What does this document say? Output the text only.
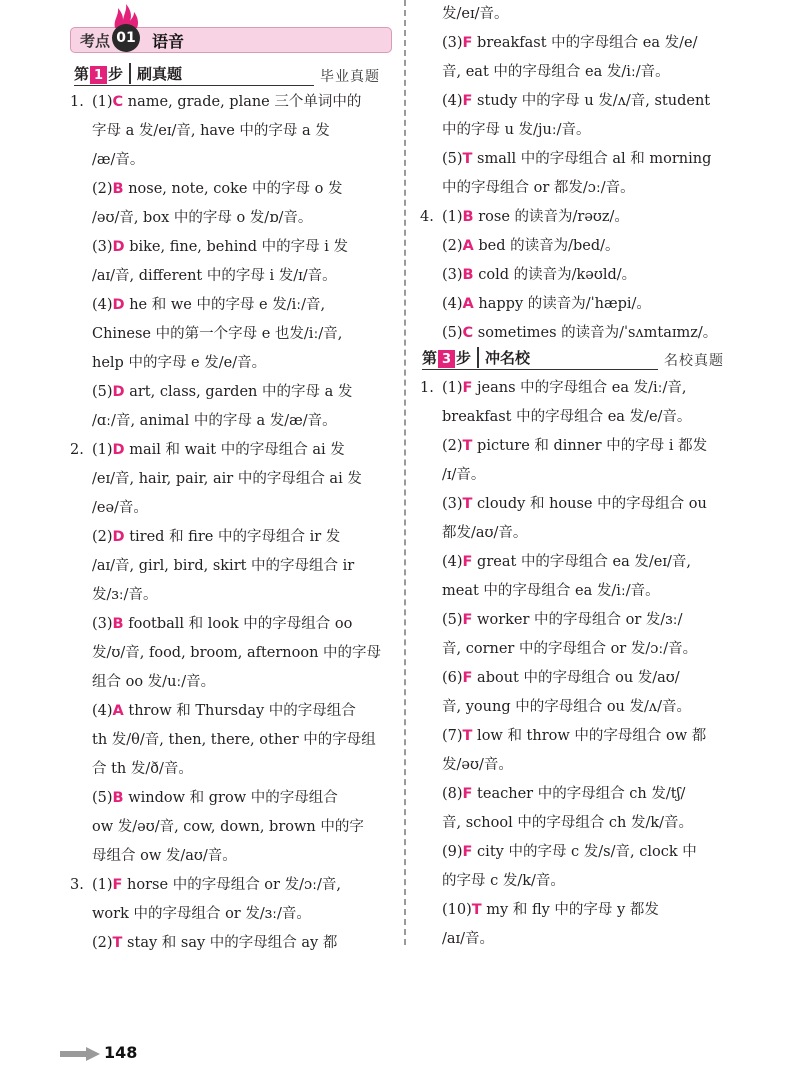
考点 01 语音
第 1 步 刷真题	毕业真题
1. (1)C name, grade, plane 三个单词中的
字母 a 发/eɪ/音, have 中的字母 a 发
/æ/音。
(2)B nose, note, coke 中的字母 o 发
/əʊ/音, box 中的字母 o 发/ɒ/音。
(3)D bike, fine, behind 中的字母 i 发
/aɪ/音, different 中的字母 i 发/ɪ/音。
(4)D he 和 we 中的字母 e 发/iː/音,
Chinese 中的第一个字母 e 也发/iː/音,
help 中的字母 e 发/e/音。
(5)D art, class, garden 中的字母 a 发
/ɑː/音, animal 中的字母 a 发/æ/音。
2. (1)D mail 和 wait 中的字母组合 ai 发
/eɪ/音, hair, pair, air 中的字母组合 ai 发
/eə/音。
(2)D tired 和 fire 中的字母组合 ir 发
/aɪ/音, girl, bird, skirt 中的字母组合 ir
发/ɜː/音。
(3)B football 和 look 中的字母组合 oo
发/ʊ/音, food, broom, afternoon 中的字母
组合 oo 发/uː/音。
(4)A throw 和 Thursday 中的字母组合
th 发/θ/音, then, there, other 中的字母组
合 th 发/ð/音。
(5)B window 和 grow 中的字母组合
ow 发/əʊ/音, cow, down, brown 中的字
母组合 ow 发/aʊ/音。
3. (1)F horse 中的字母组合 or 发/ɔː/音,
work 中的字母组合 or 发/ɜː/音。
(2)T stay 和 say 中的字母组合 ay 都
发/eɪ/音。
(3)F breakfast 中的字母组合 ea 发/e/
音, eat 中的字母组合 ea 发/iː/音。
(4)F study 中的字母 u 发/ʌ/音, student
中的字母 u 发/juː/音。
(5)T small 中的字母组合 al 和 morning
中的字母组合 or 都发/ɔː/音。
4. (1)B rose 的读音为/rəʊz/。
(2)A bed 的读音为/bed/。
(3)B cold 的读音为/kəʊld/。
(4)A happy 的读音为/ˈhæpi/。
(5)C sometimes 的读音为/ˈsʌmtaɪmz/。
第 3 步 冲名校	名校真题
1. (1)F jeans 中的字母组合 ea 发/iː/音,
breakfast 中的字母组合 ea 发/e/音。
(2)T picture 和 dinner 中的字母 i 都发
/ɪ/音。
(3)T cloudy 和 house 中的字母组合 ou
都发/aʊ/音。
(4)F great 中的字母组合 ea 发/eɪ/音,
meat 中的字母组合 ea 发/iː/音。
(5)F worker 中的字母组合 or 发/ɜː/
音, corner 中的字母组合 or 发/ɔː/音。
(6)F about 中的字母组合 ou 发/aʊ/
音, young 中的字母组合 ou 发/ʌ/音。
(7)T low 和 throw 中的字母组合 ow 都
发/əʊ/音。
(8)F teacher 中的字母组合 ch 发/tʃ/
音, school 中的字母组合 ch 发/k/音。
(9)F city 中的字母 c 发/s/音, clock 中
的字母 c 发/k/音。
(10)T my 和 fly 中的字母 y 都发
/aɪ/音。
148
